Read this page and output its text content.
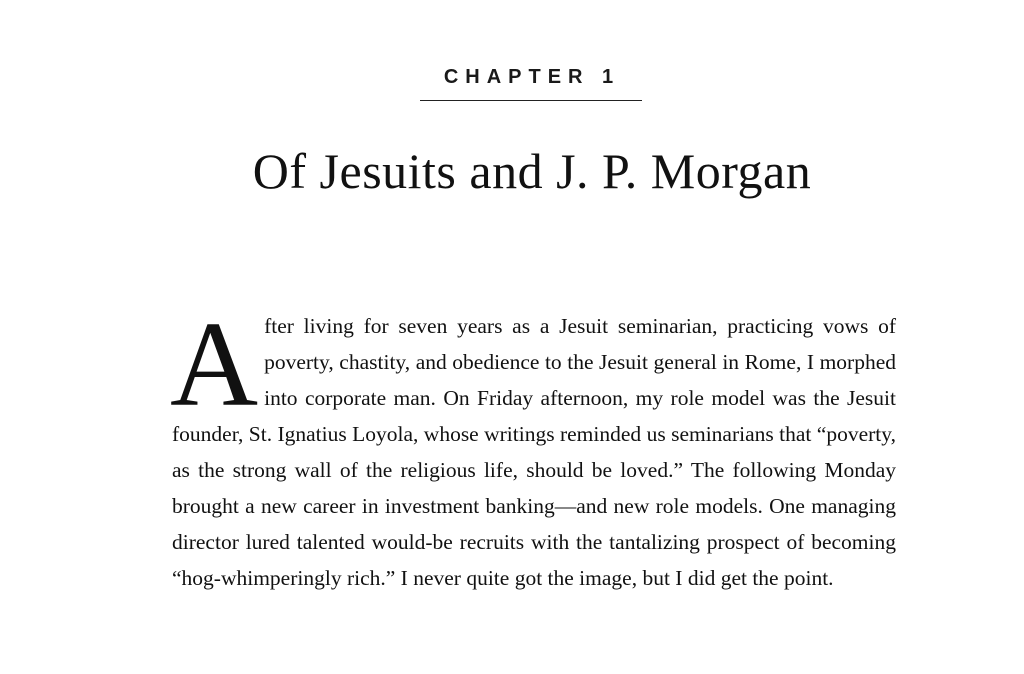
CHAPTER 1
Of Jesuits and J. P. Morgan
A fter living for seven years as a Jesuit seminarian, practicing vows of poverty, chastity, and obedience to the Jesuit general in Rome, I morphed into corporate man. On Friday afternoon, my role model was the Jesuit founder, St. Ignatius Loyola, whose writings reminded us seminarians that “poverty, as the strong wall of the religious life, should be loved.” The following Monday brought a new career in investment banking—and new role models. One managing director lured talented would-be recruits with the tantalizing prospect of becoming “hog-whimperingly rich.” I never quite got the image, but I did get the point.
